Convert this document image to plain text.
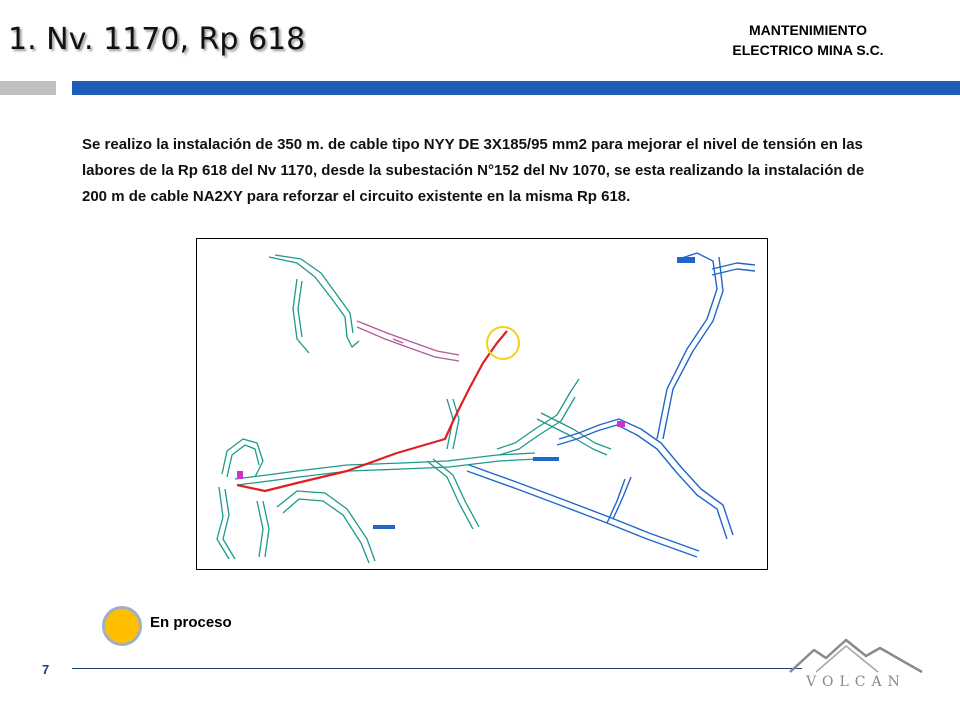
1. Nv. 1170, Rp 618	MANTENIMIENTO
ELECTRICO MINA S.C.

Se realizo la instalación de 350 m. de cable tipo NYY DE 3X185/95 mm2 para mejorar el nivel de tensión en las labores de la Rp 618 del Nv 1170, desde la subestación N°152 del Nv 1070, se esta realizando la instalación de 200 m de cable NA2XY para reforzar el circuito existente en la misma Rp 618.

En proceso
7
VOLCAN
